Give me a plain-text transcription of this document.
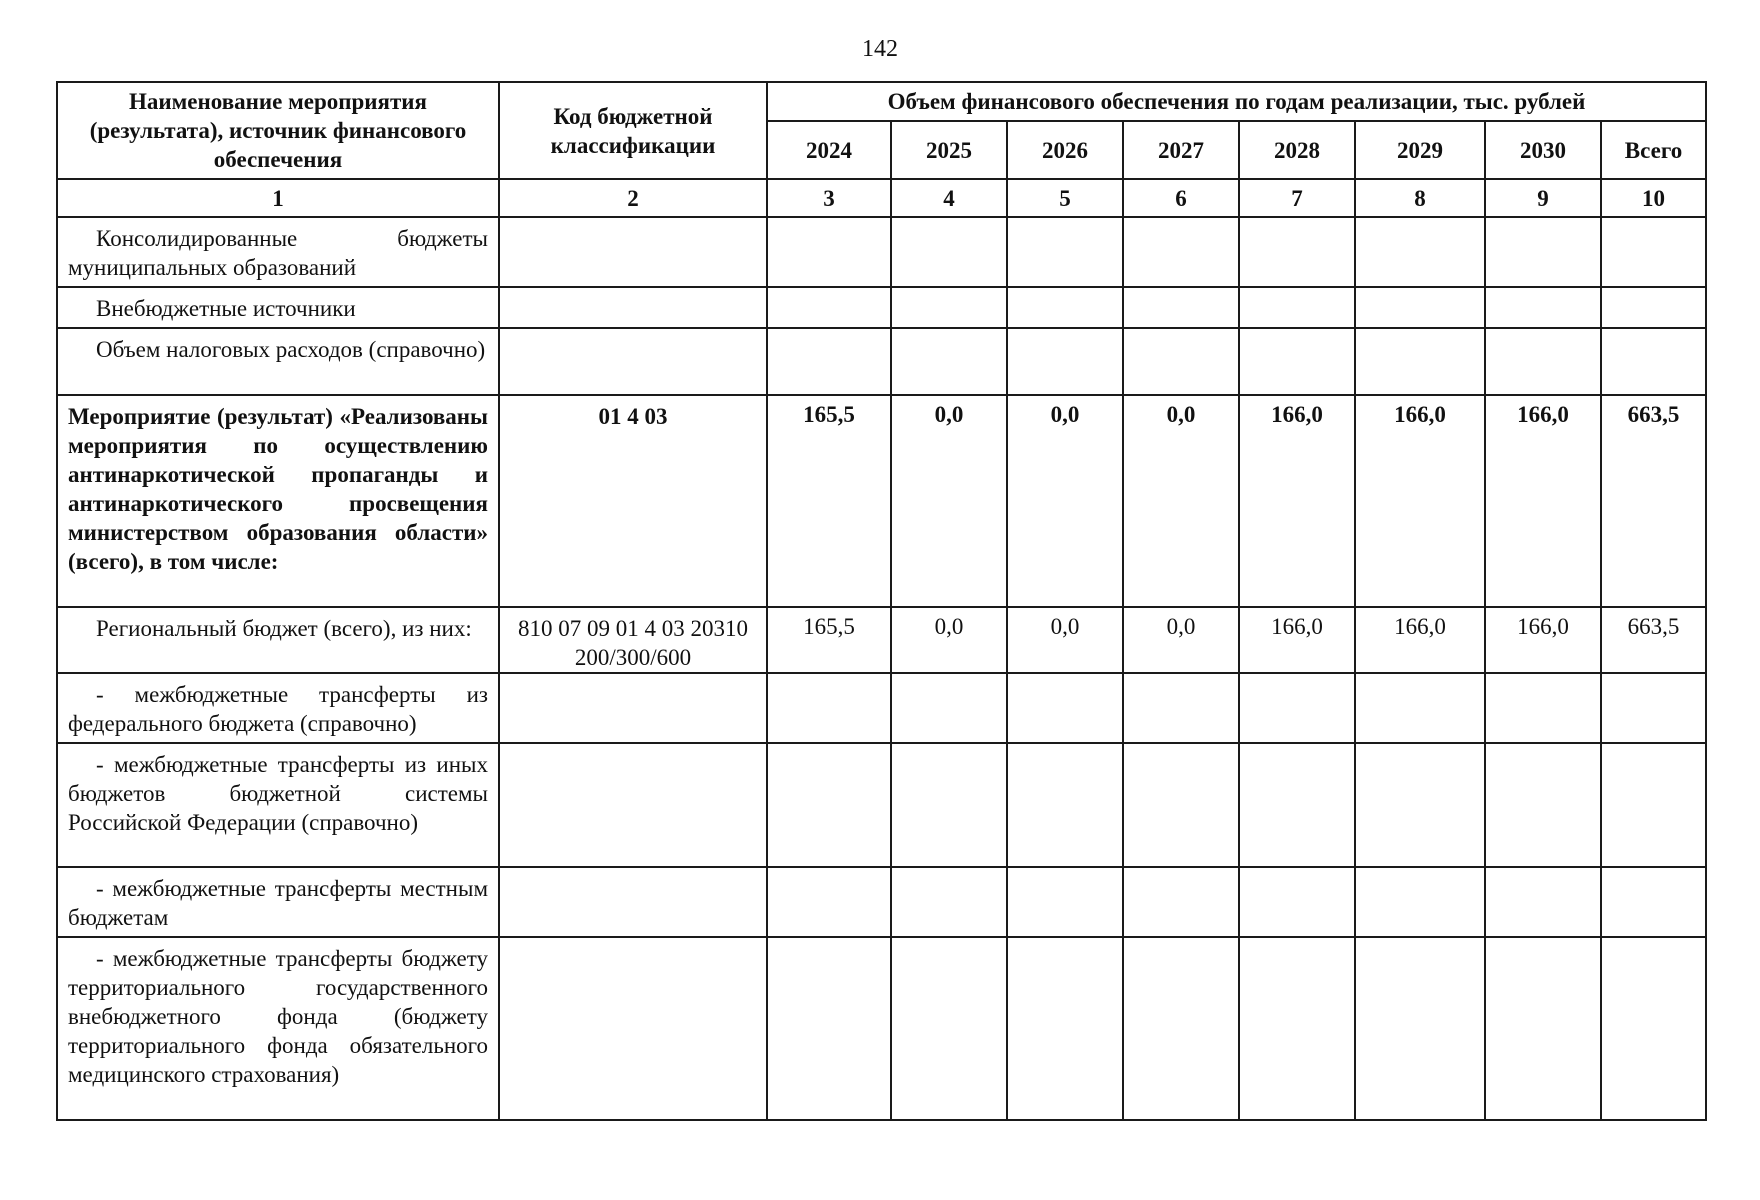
142
Наименование мероприятия (результата), источник финансового обеспечения	Код бюджетной классификации	Объем финансового обеспечения по годам реализации, тыс. рублей							
		2024	2025	2026	2027	2028	2029	2030	Всего
1	2	3	4	5	6	7	8	9	10
Консолидированные бюджеты муниципальных образований									
Внебюджетные источники									
Объем налоговых расходов (справочно)									
Мероприятие (результат) «Реализованы мероприятия по осуществлению антинаркотической пропаганды и антинаркотического просвещения министерством образования области» (всего), в том числе:	01 4 03	165,5	0,0	0,0	0,0	166,0	166,0	166,0	663,5
Региональный бюджет (всего), из них:	810 07 09 01 4 03 20310 200/300/600	165,5	0,0	0,0	0,0	166,0	166,0	166,0	663,5
- межбюджетные трансферты из федерального бюджета (справочно)									
- межбюджетные трансферты из иных бюджетов бюджетной системы Российской Федерации (справочно)									
- межбюджетные трансферты местным бюджетам									
- межбюджетные трансферты бюджету территориального государственного внебюджетного фонда (бюджету территориального фонда обязательного медицинского страхования)									
